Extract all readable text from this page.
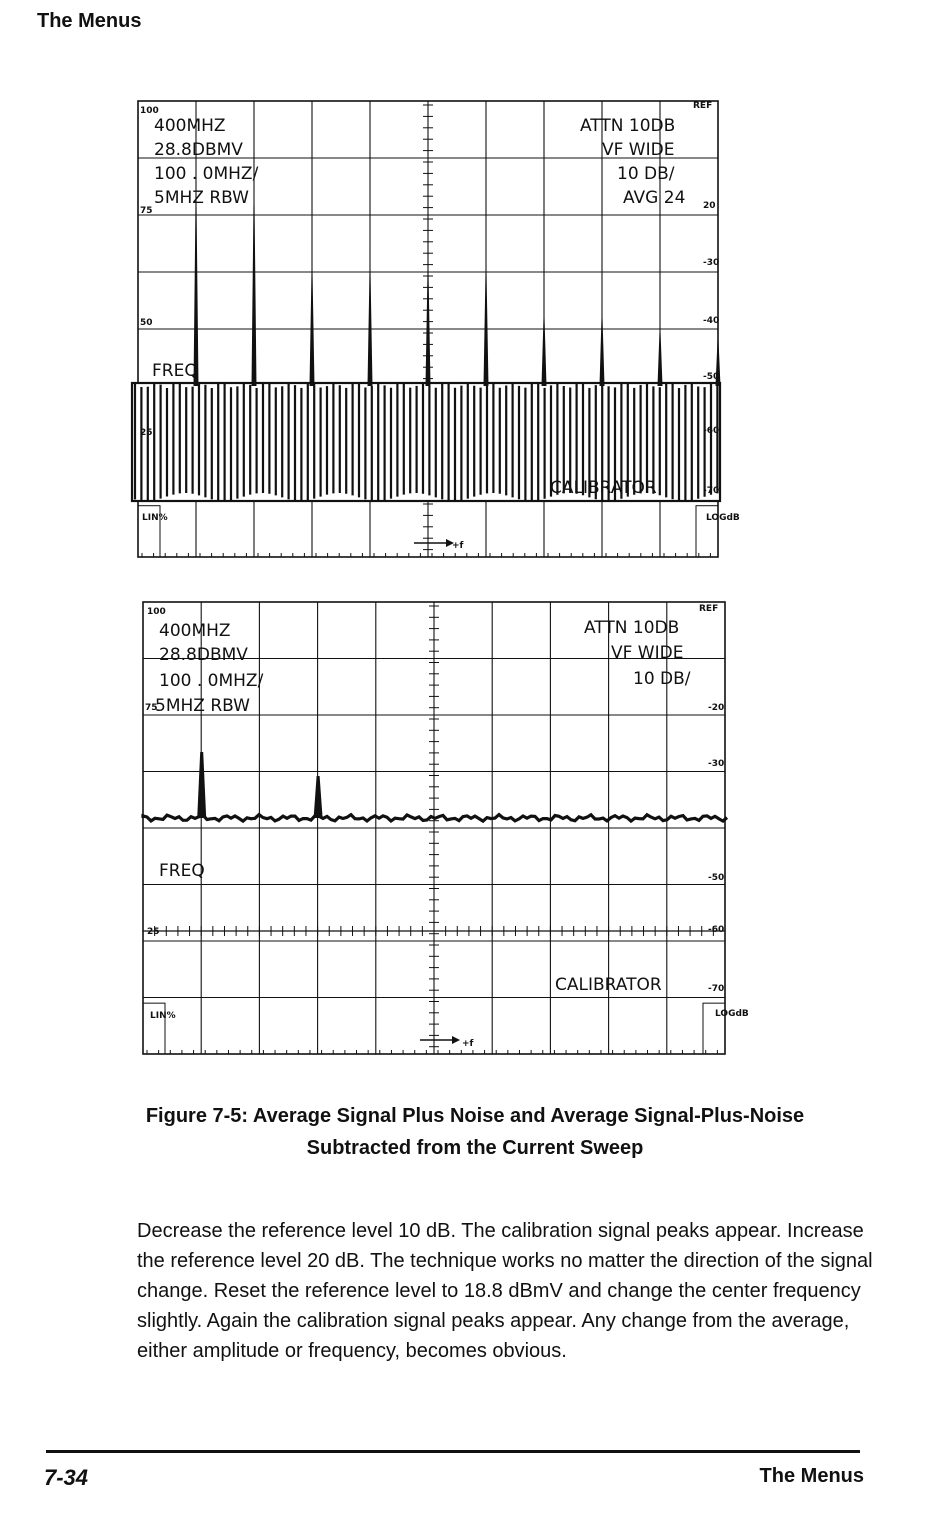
The Menus
100
75
50
25
REF
20
-30
-40
-50
-60
-70
400MHZ
28.8DBMV
100 . 0MHZ/
5MHZ RBW
ATTN 10DB
VF WIDE
10 DB/
AVG 24
FREQ
CALIBRATOR
+f
LIN%	LOGdB
100
75
25
REF
-20
-30
-50
-60
-70
400MHZ
28.8DBMV
100 . 0MHZ/
5MHZ RBW
ATTN 10DB
VF WIDE
10 DB/
FREQ
CALIBRATOR
+f
LIN%	LOGdB
Figure 7-5: Average Signal Plus Noise and Average Signal-Plus-Noise
Subtracted from the Current Sweep

Decrease the reference level 10 dB. The calibration signal peaks appear. Increase the reference level 20 dB. The technique works no matter the direction of the signal change. Reset the reference level to 18.8 dBmV and change the center frequency slightly. Again the calibration signal peaks appear. Any change from the average, either amplitude or frequency, becomes obvious.

7-34	The Menus
